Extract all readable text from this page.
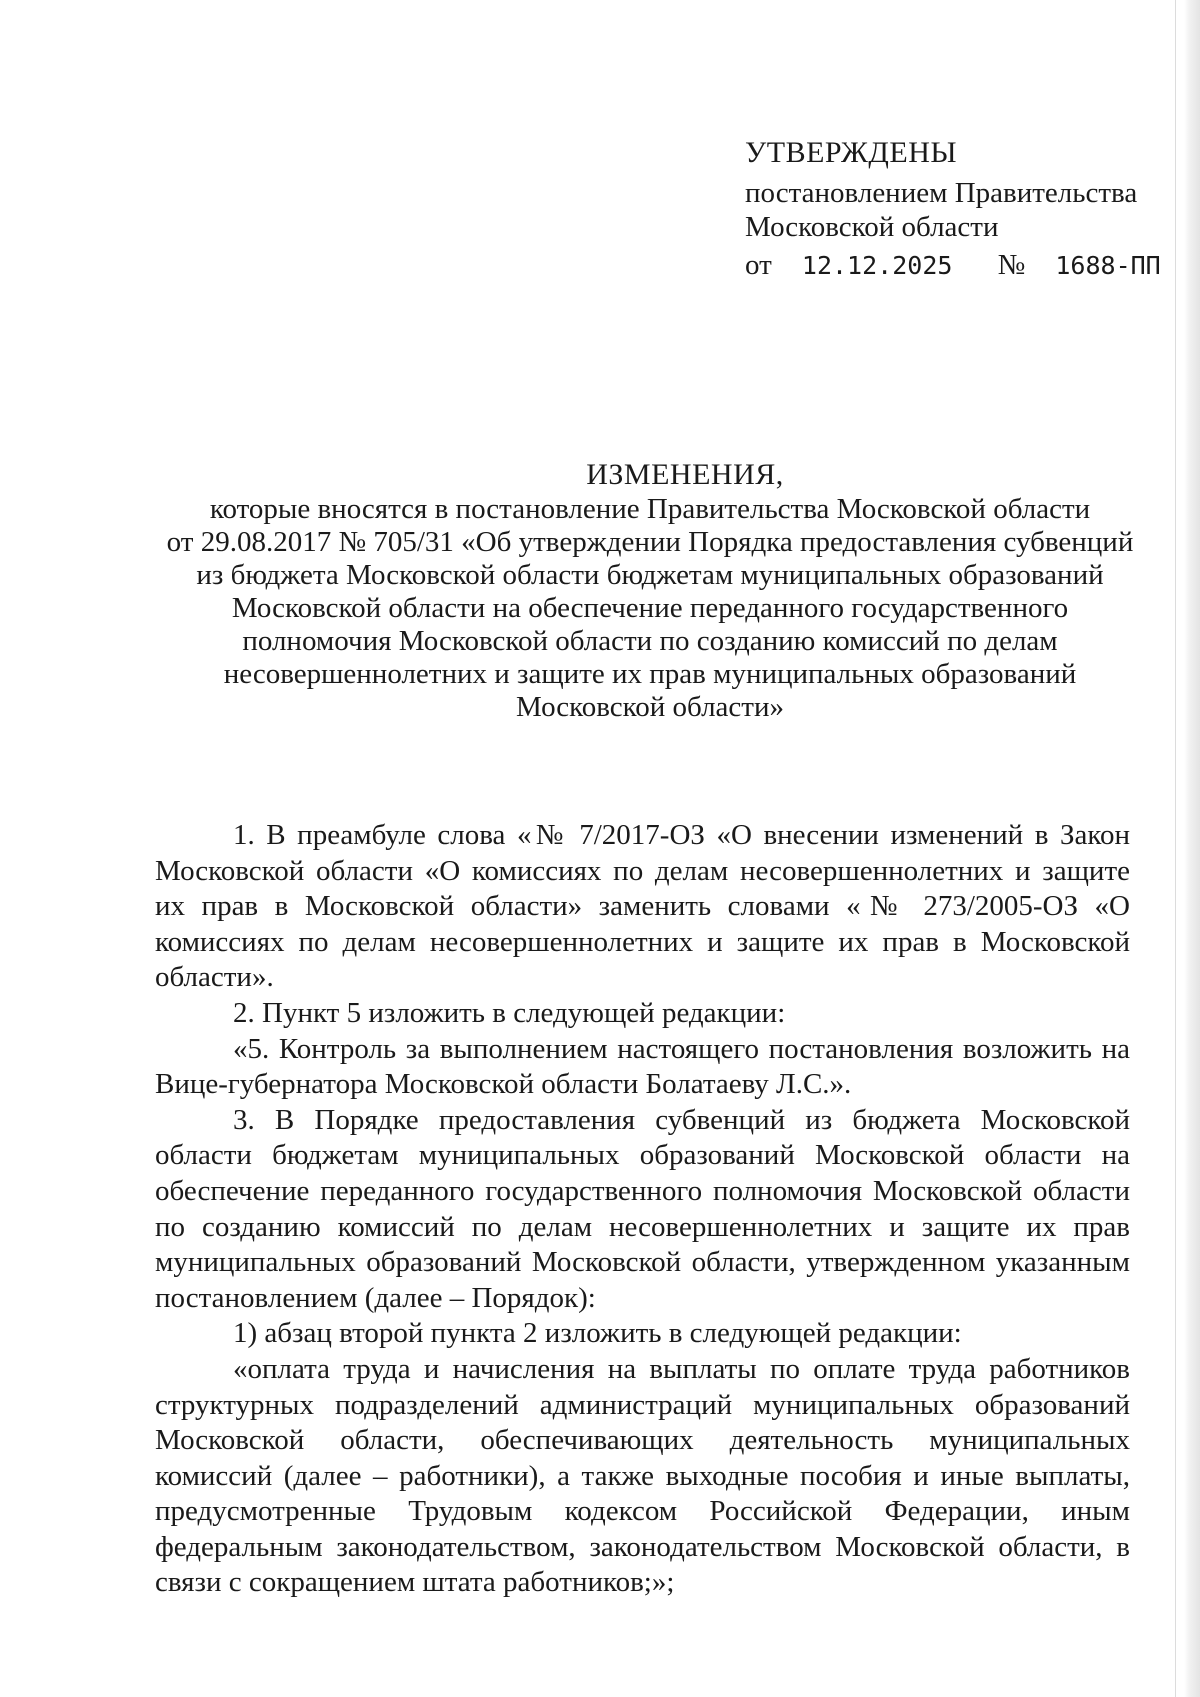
УТВЕРЖДЕНЫ
постановлением Правительства
Московской области
от 12.12.2025 № 1688-ПП
ИЗМЕНЕНИЯ,
которые вносятся в постановление Правительства Московской области
от 29.08.2017 № 705/31 «Об утверждении Порядка предоставления субвенций
из бюджета Московской области бюджетам муниципальных образований
Московской области на обеспечение переданного государственного
полномочия Московской области по созданию комиссий по делам
несовершеннолетних и защите их прав муниципальных образований
Московской области»

1. В преамбуле слова «№ 7/2017-ОЗ «О внесении изменений в Закон Московской области «О комиссиях по делам несовершеннолетних и защите их прав в Московской области» заменить словами «№ 273/2005-ОЗ «О комиссиях по делам несовершеннолетних и защите их прав в Московской области».

2. Пункт 5 изложить в следующей редакции:

«5. Контроль за выполнением настоящего постановления возложить на Вице-губернатора Московской области Болатаеву Л.С.».

3. В Порядке предоставления субвенций из бюджета Московской области бюджетам муниципальных образований Московской области на обеспечение переданного государственного полномочия Московской области по созданию комиссий по делам несовершеннолетних и защите их прав муниципальных образований Московской области, утвержденном указанным постановлением (далее – Порядок):

1) абзац второй пункта 2 изложить в следующей редакции:

«оплата труда и начисления на выплаты по оплате труда работников структурных подразделений администраций муниципальных образований Московской области, обеспечивающих деятельность муниципальных комиссий (далее – работники), а также выходные пособия и иные выплаты, предусмотренные Трудовым кодексом Российской Федерации, иным федеральным законодательством, законодательством Московской области, в связи с сокращением штата работников;»;
